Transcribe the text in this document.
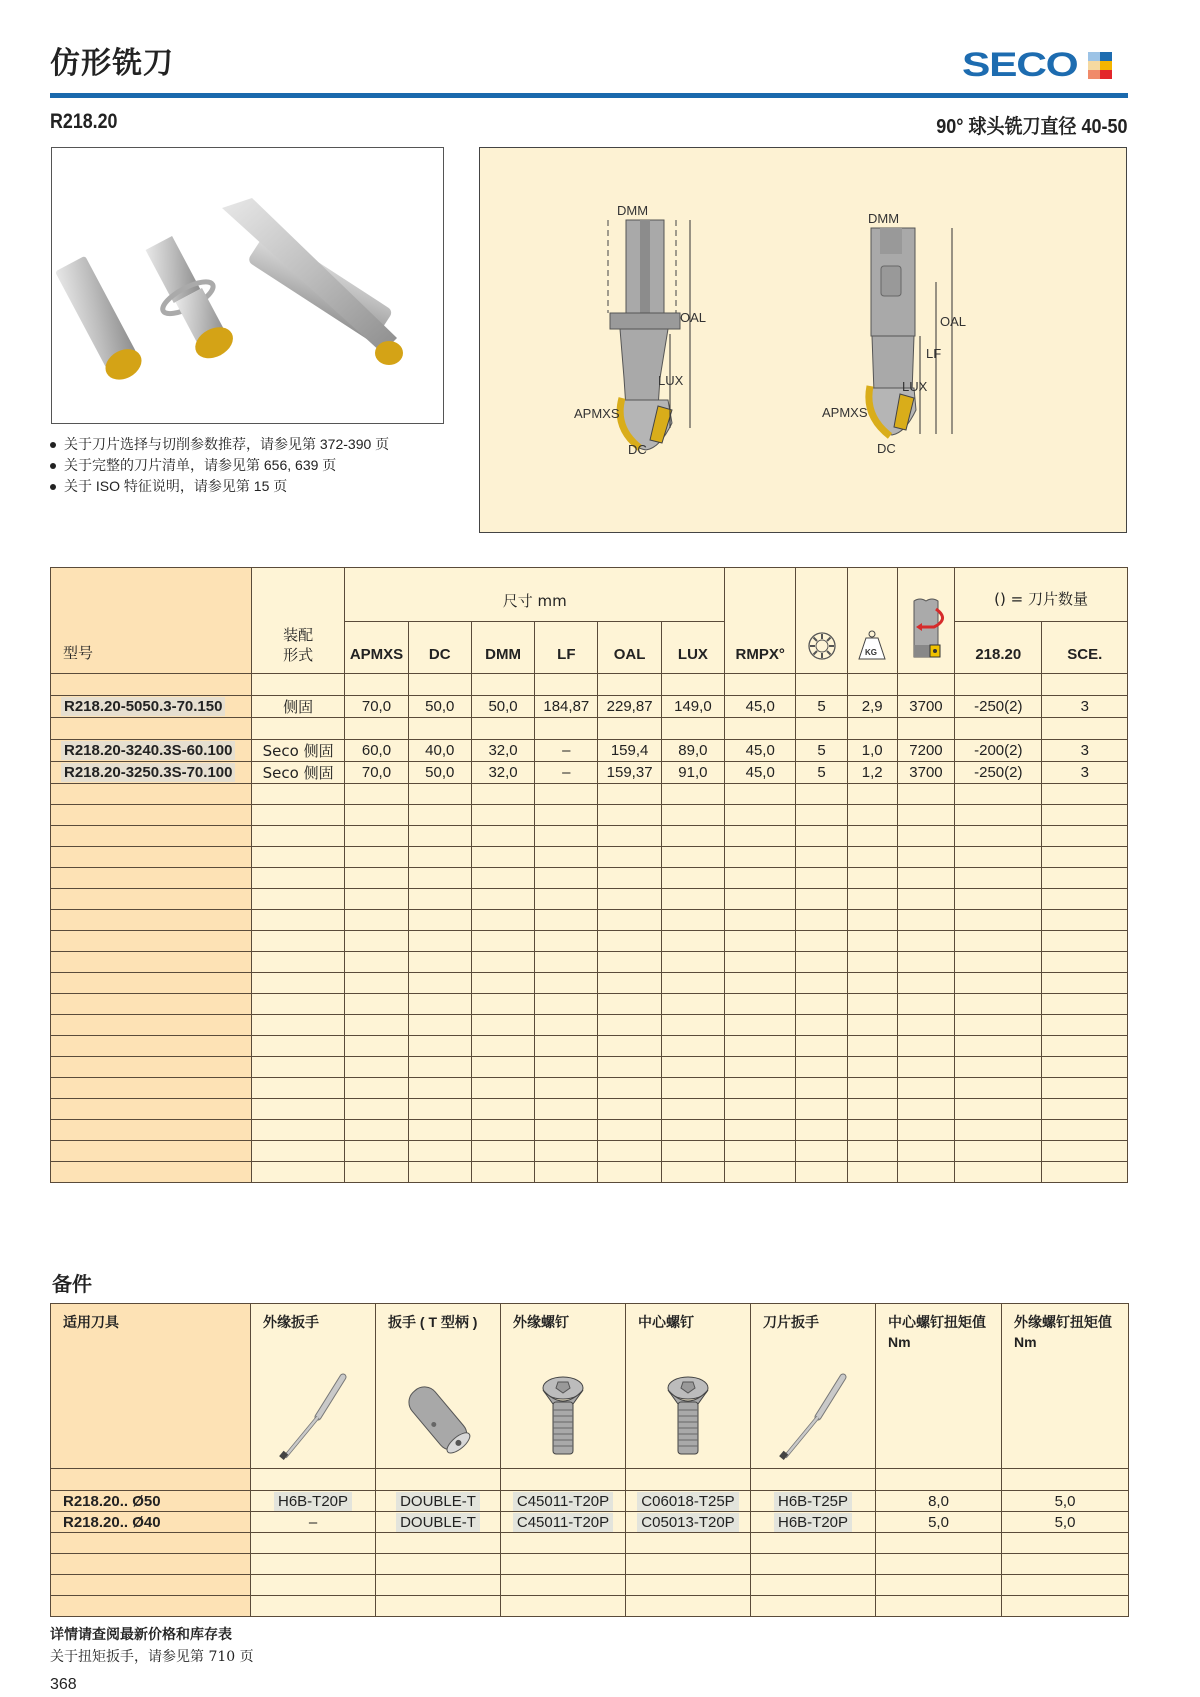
仿形铣刀	SECO
R218.20	90° 球头铣刀直径 40-50
关于刀片选择与切削参数推荐，请参见第 372-390 页
关于完整的刀片清单，请参见第 656, 639 页
关于 ISO 特征说明，请参见第 15 页
DMM
OAL
LUX
APMXS
DC
DMM
OAL
LF
LUX
APMXS
DC
型号	装配形式	尺寸 mm						RMPX°		KG		() = 刀片数量	
		APMXS	DC	DMM	LF	OAL	LUX					218.20	SCE.

R218.20-5050.3-70.150	侧固	70,0	50,0	50,0	184,87	229,87	149,0	45,0	5	2,9	3700	-250(2)	3

R218.20-3240.3S-60.100	Seco 侧固	60,0	40,0	32,0	–	159,4	89,0	45,0	5	1,0	7200	-200(2)	3
R218.20-3250.3S-70.100	Seco 侧固	70,0	50,0	32,0	–	159,37	91,0	45,0	5	1,2	3700	-250(2)	3

备件
适用刀具	外缘扳手	扳手 ( T 型柄 )	外缘螺钉	中心螺钉	刀片扳手	中心螺钉扭矩值 Nm	外缘螺钉扭矩值 Nm

R218.20.. Ø50	H6B-T20P	DOUBLE-T	C45011-T20P	C06018-T25P	H6B-T25P	8,0	5,0
R218.20.. Ø40	–	DOUBLE-T	C45011-T20P	C05013-T20P	H6B-T20P	5,0	5,0

详情请查阅最新价格和库存表
关于扭矩扳手，请参见第 710 页
368
